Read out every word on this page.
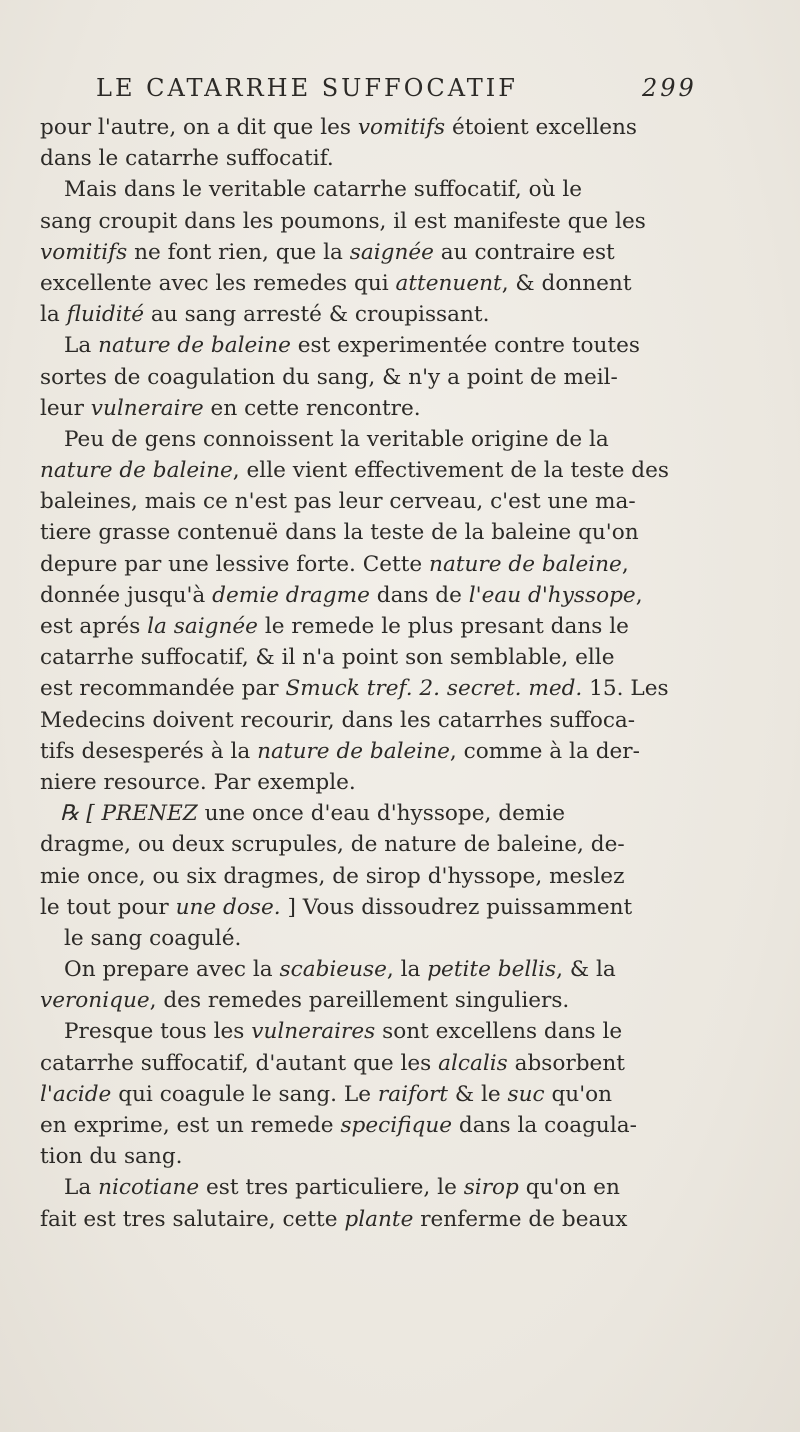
LE CATARRHE SUFFOCATIF	299
pour l'autre, on a dit que les vomitifs étoient excellens
dans le catarrhe suffocatif.
Mais dans le veritable catarrhe suffocatif, où le
sang croupit dans les poumons, il est manifeste que les
vomitifs ne font rien, que la saignée au contraire est
excellente avec les remedes qui attenuent, & donnent
la fluidité au sang arresté & croupissant.
La nature de baleine est experimentée contre toutes
sortes de coagulation du sang, & n'y a point de meil-
leur vulneraire en cette rencontre.
Peu de gens connoissent la veritable origine de la
nature de baleine, elle vient effectivement de la teste des
baleines, mais ce n'est pas leur cerveau, c'est une ma-
tiere grasse contenuë dans la teste de la baleine qu'on
depure par une lessive forte. Cette nature de baleine,
donnée jusqu'à demie dragme dans de l'eau d'hyssope,
est aprés la saignée le remede le plus presant dans le
catarrhe suffocatif, & il n'a point son semblable, elle
est recommandée par Smuck tref. 2. secret. med. 15. Les
Medecins doivent recourir, dans les catarrhes suffoca-
tifs desesperés à la nature de baleine, comme à la der-
niere resource. Par exemple.
℞ [ PRENEZ une once d'eau d'hyssope, demie
dragme, ou deux scrupules, de nature de baleine, de-
mie once, ou six dragmes, de sirop d'hyssope, meslez
le tout pour une dose. ] Vous dissoudrez puissamment
le sang coagulé.
On prepare avec la scabieuse, la petite bellis, & la
veronique, des remedes pareillement singuliers.
Presque tous les vulneraires sont excellens dans le
catarrhe suffocatif, d'autant que les alcalis absorbent
l'acide qui coagule le sang. Le raifort & le suc qu'on
en exprime, est un remede specifique dans la coagula-
tion du sang.
La nicotiane est tres particuliere, le sirop qu'on en
fait est tres salutaire, cette plante renferme de beaux
